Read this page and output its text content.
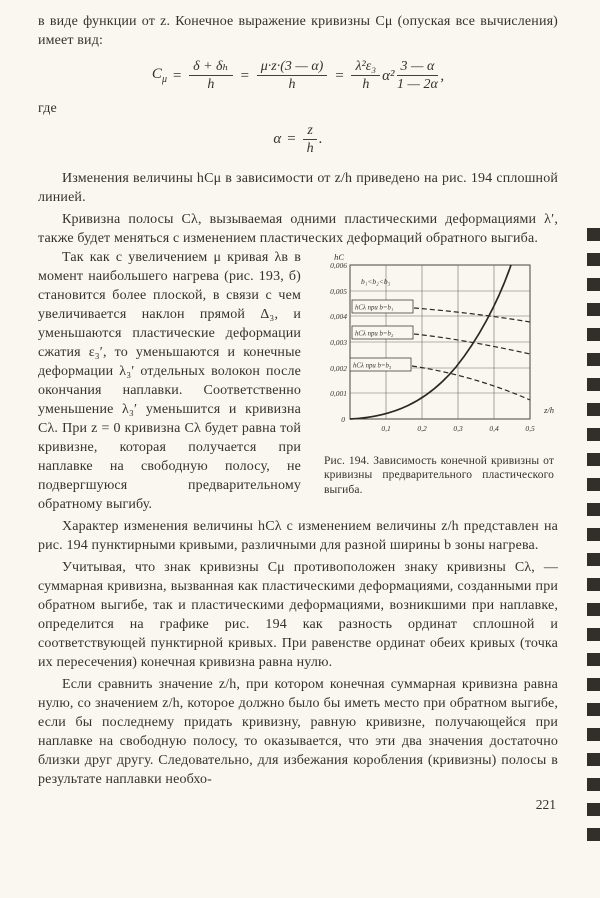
в виде функции от z. Конечное выражение кривизны Cμ (опуская все вычисления) имеет вид:

$C_\mu = \frac{\text{δ + δₕ}}{h} = \frac{\mu\cdot z\cdot(3 — \alpha)}{h} = \frac{\text{λ²ε₃}}{h} \alpha^2 \frac{3 — \alpha}{1 — 2\alpha}$ ,

где

$\alpha = \frac{z}{h}$ .

Изменения величины hCμ в зависимости от z/h приведено на рис. 194 сплошной линией.

Кривизна полосы Cλ, вызываемая одними пластическими деформациями λ′, также будет меняться с изменением пластических деформаций обратного выгиба.

hC
z/h
b₁<b₂<b₃
0,006
0,005
0,004
0,003
0,002
0,001
0
0,1	0,2	0,3	0,4	0,5
hCλ при b=b₁
hCλ при b=b₂
hCλ при b=b₃
Рис. 194. Зависимость конечной кривизны от кривизны предварительного пластического выгиба.

Так как с увеличением μ кривая λв в момент наибольшего нагрева (рис. 193, б) становится более плоской, в связи с чем увеличивается наклон прямой Δ₃, и уменьшаются пластические деформации сжатия ε₃′, то уменьшаются и конечные деформации λ₃′ отдельных волокон после окончания наплавки. Соответственно уменьшение λ₃′ уменьшится и кривизна Cλ. При z = 0 кривизна Cλ будет равна той кривизне, которая получается при наплавке на свободную полосу, не подвергшуюся предварительному обратному выгибу.

Характер изменения величины hCλ с изменением величины z/h представлен на рис. 194 пунктирными кривыми, различными для разной ширины b зоны нагрева.

Учитывая, что знак кривизны Cμ противоположен знаку кривизны Cλ, — суммарная кривизна, вызванная как пластическими деформациями, созданными при обратном выгибе, так и пластическими деформациями, возникшими при наплавке, определится на графике рис. 194 как разность ординат сплошной и соответствующей пунктирной кривых. При равенстве ординат обеих кривых (точка их пересечения) конечная кривизна равна нулю.

Если сравнить значение z/h, при котором конечная суммарная кривизна равна нулю, со значением z/h, которое должно было бы иметь место при обратном выгибе, если бы последнему придать кривизну, равную кривизне, получающейся при наплавке на свободную полосу, то оказывается, что эти два значения достаточно близки друг другу. Следовательно, для избежания коробления (кривизны) полосы в результате наплавки необхо-

221
